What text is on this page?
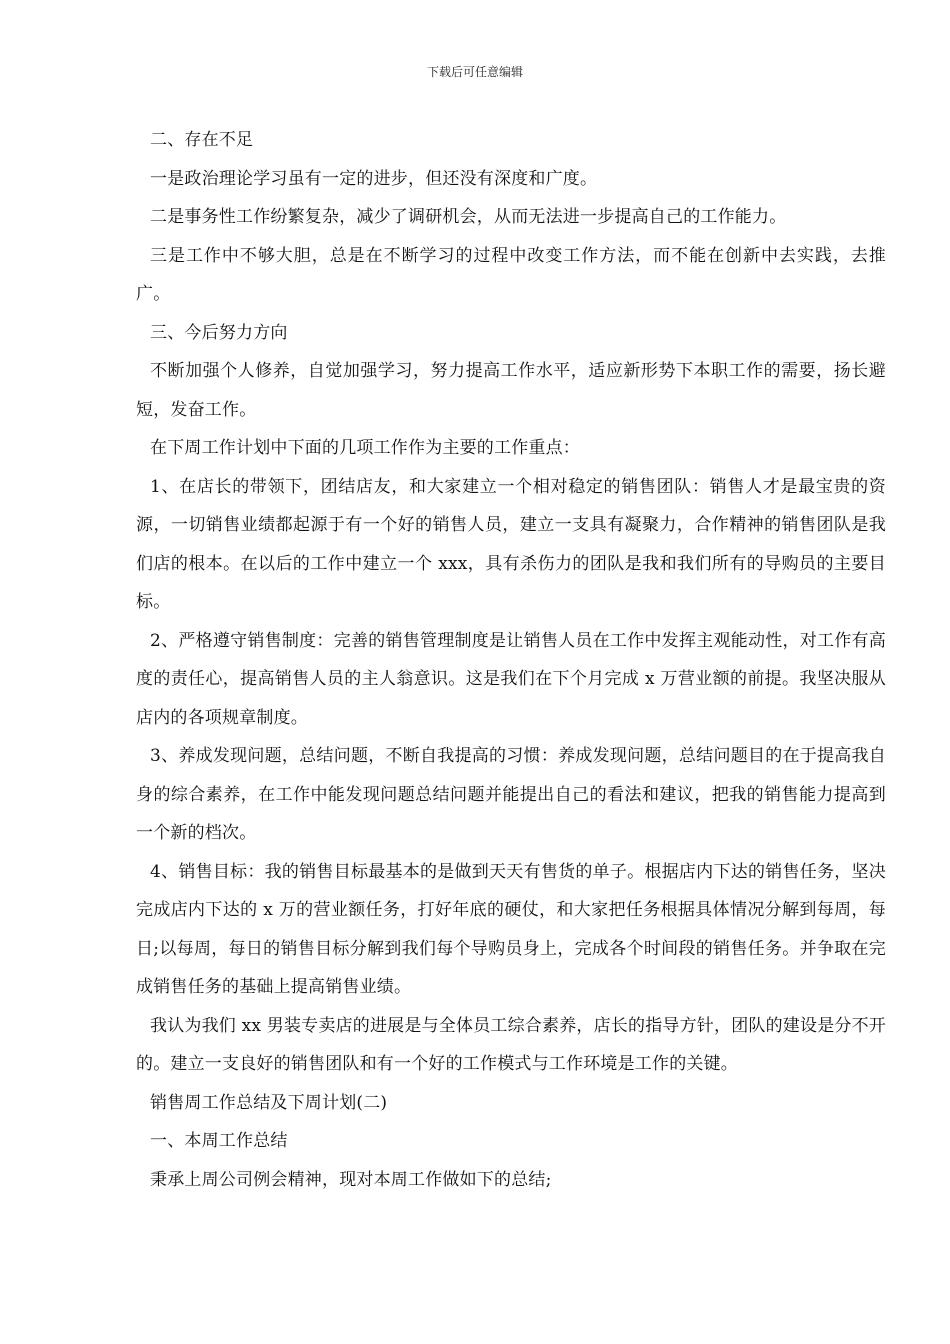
下载后可任意编辑

二、存在不足

一是政治理论学习虽有一定的进步，但还没有深度和广度。

二是事务性工作纷繁复杂，减少了调研机会，从而无法进一步提高自己的工作能力。

三是工作中不够大胆，总是在不断学习的过程中改变工作方法，而不能在创新中去实践，去推广。

三、今后努力方向

不断加强个人修养，自觉加强学习，努力提高工作水平，适应新形势下本职工作的需要，扬长避短，发奋工作。

在下周工作计划中下面的几项工作作为主要的工作重点：

1、在店长的带领下，团结店友，和大家建立一个相对稳定的销售团队：销售人才是最宝贵的资源，一切销售业绩都起源于有一个好的销售人员，建立一支具有凝聚力，合作精神的销售团队是我们店的根本。在以后的工作中建立一个 xxx，具有杀伤力的团队是我和我们所有的导购员的主要目标。

2、严格遵守销售制度：完善的销售管理制度是让销售人员在工作中发挥主观能动性，对工作有高度的责任心，提高销售人员的主人翁意识。这是我们在下个月完成 x 万营业额的前提。我坚决服从店内的各项规章制度。

3、养成发现问题，总结问题，不断自我提高的习惯：养成发现问题，总结问题目的在于提高我自身的综合素养，在工作中能发现问题总结问题并能提出自己的看法和建议，把我的销售能力提高到一个新的档次。

4、销售目标：我的销售目标最基本的是做到天天有售货的单子。根据店内下达的销售任务，坚决完成店内下达的 x 万的营业额任务，打好年底的硬仗，和大家把任务根据具体情况分解到每周，每日;以每周，每日的销售目标分解到我们每个导购员身上，完成各个时间段的销售任务。并争取在完成销售任务的基础上提高销售业绩。

我认为我们 xx 男装专卖店的进展是与全体员工综合素养，店长的指导方针，团队的建设是分不开的。建立一支良好的销售团队和有一个好的工作模式与工作环境是工作的关键。

销售周工作总结及下周计划(二)

一、本周工作总结

秉承上周公司例会精神，现对本周工作做如下的总结;
